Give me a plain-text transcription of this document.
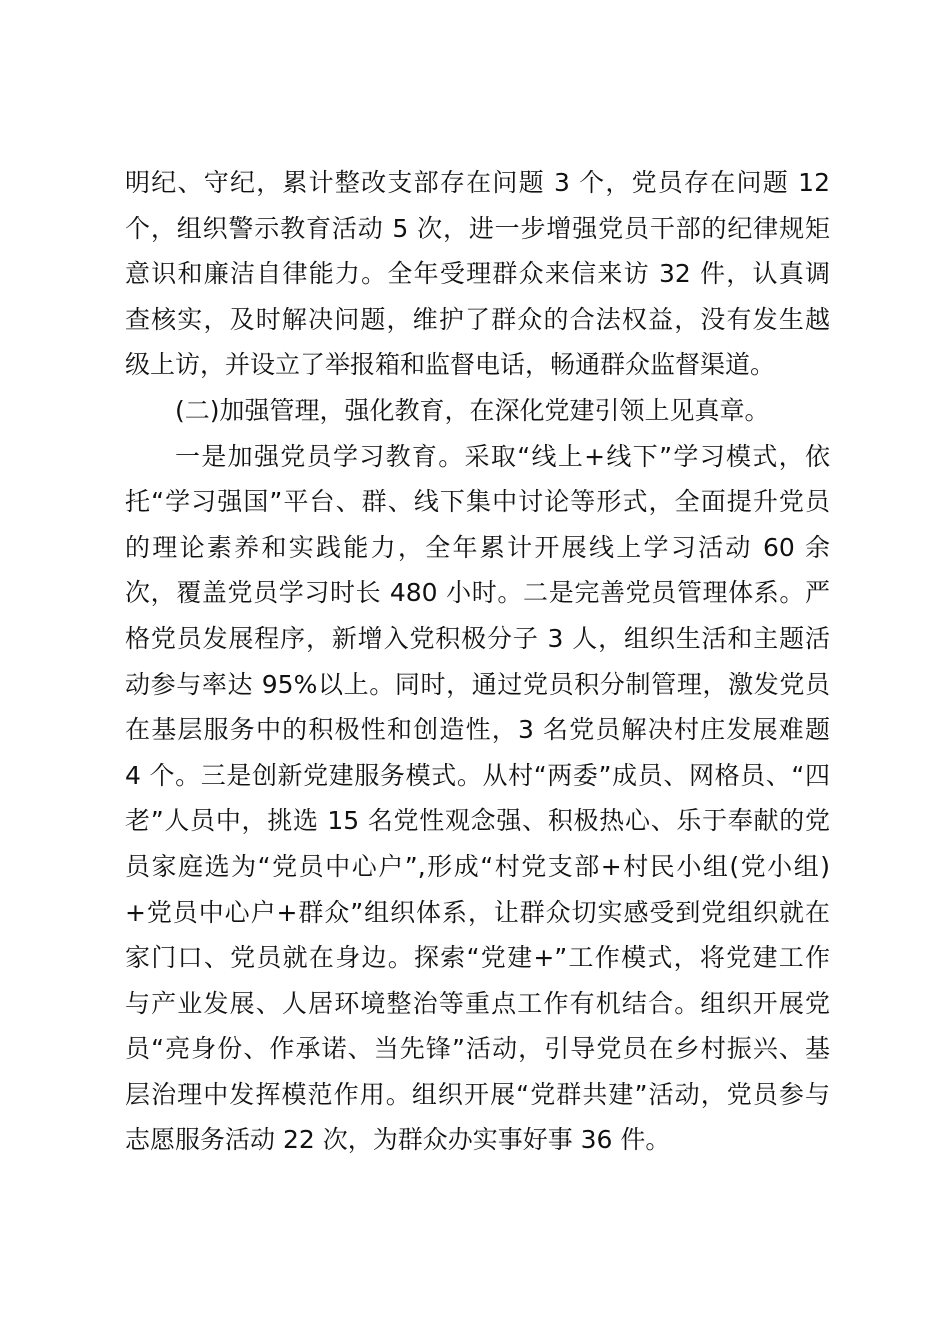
明纪、守纪，累计整改支部存在问题 3 个，党员存在问题 12
个，组织警示教育活动 5 次，进一步增强党员干部的纪律规矩
意识和廉洁自律能力。全年受理群众来信来访 32 件，认真调
查核实，及时解决问题，维护了群众的合法权益，没有发生越
级上访，并设立了举报箱和监督电话，畅通群众监督渠道。
(二)加强管理，强化教育，在深化党建引领上见真章。
一是加强党员学习教育。采取“线上+线下”学习模式，依
托“学习强国”平台、群、线下集中讨论等形式，全面提升党员
的理论素养和实践能力，全年累计开展线上学习活动 60 余
次，覆盖党员学习时长 480 小时。二是完善党员管理体系。严
格党员发展程序，新增入党积极分子 3 人，组织生活和主题活
动参与率达 95%以上。同时，通过党员积分制管理，激发党员
在基层服务中的积极性和创造性，3 名党员解决村庄发展难题
4 个。三是创新党建服务模式。从村“两委”成员、网格员、“四
老”人员中，挑选 15 名党性观念强、积极热心、乐于奉献的党
员家庭选为“党员中心户”,形成“村党支部+村民小组(党小组)
+党员中心户+群众”组织体系，让群众切实感受到党组织就在
家门口、党员就在身边。探索“党建+”工作模式，将党建工作
与产业发展、人居环境整治等重点工作有机结合。组织开展党
员“亮身份、作承诺、当先锋”活动，引导党员在乡村振兴、基
层治理中发挥模范作用。组织开展“党群共建”活动，党员参与
志愿服务活动 22 次，为群众办实事好事 36 件。
